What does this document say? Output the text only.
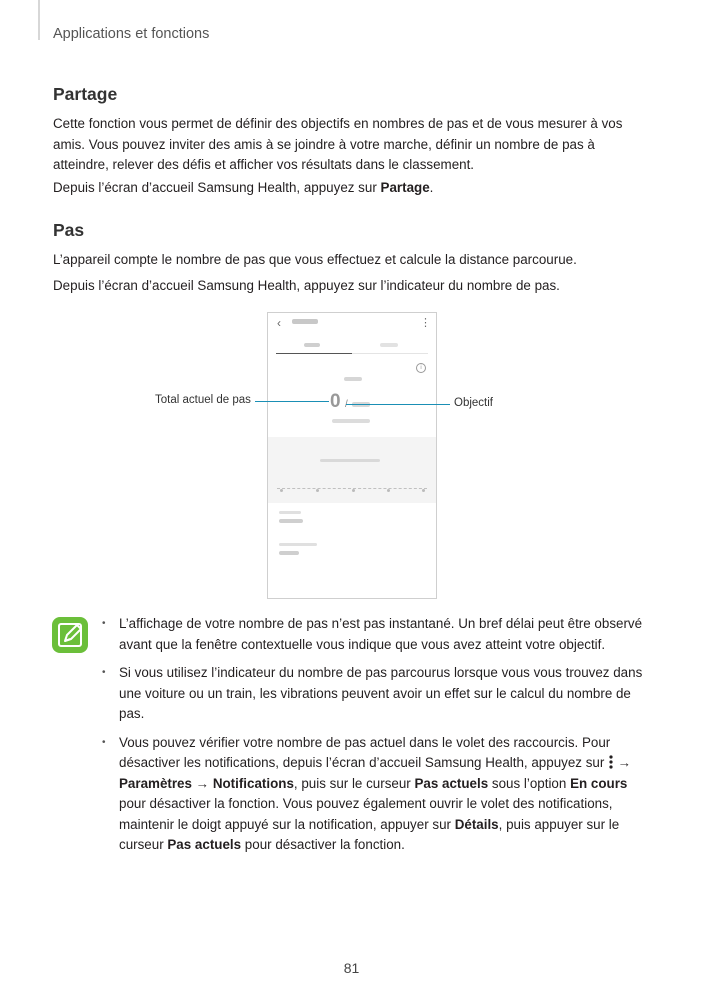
Applications et fonctions
Partage
Cette fonction vous permet de définir des objectifs en nombres de pas et de vous mesurer à vos amis. Vous pouvez inviter des amis à se joindre à votre marche, définir un nombre de pas à atteindre, relever des défis et afficher vos résultats dans le classement.
Depuis l’écran d’accueil Samsung Health, appuyez sur Partage.
Pas
L’appareil compte le nombre de pas que vous effectuez et calcule la distance parcourue.
Depuis l’écran d’accueil Samsung Health, appuyez sur l’indicateur du nombre de pas.
‹	⋮
i
0
Total actuel de pas	Objectif
• L’affichage de votre nombre de pas n’est pas instantané. Un bref délai peut être observé avant que la fenêtre contextuelle vous indique que vous avez atteint votre objectif.
• Si vous utilisez l’indicateur du nombre de pas parcourus lorsque vous vous trouvez dans une voiture ou un train, les vibrations peuvent avoir un effet sur le calcul du nombre de pas.
• Vous pouvez vérifier votre nombre de pas actuel dans le volet des raccourcis. Pour désactiver les notifications, depuis l’écran d’accueil Samsung Health, appuyez sur  → Paramètres → Notifications, puis sur le curseur Pas actuels sous l’option En cours pour désactiver la fonction. Vous pouvez également ouvrir le volet des notifications, maintenir le doigt appuyé sur la notification, appuyer sur Détails, puis appuyer sur le curseur Pas actuels pour désactiver la fonction.
81
